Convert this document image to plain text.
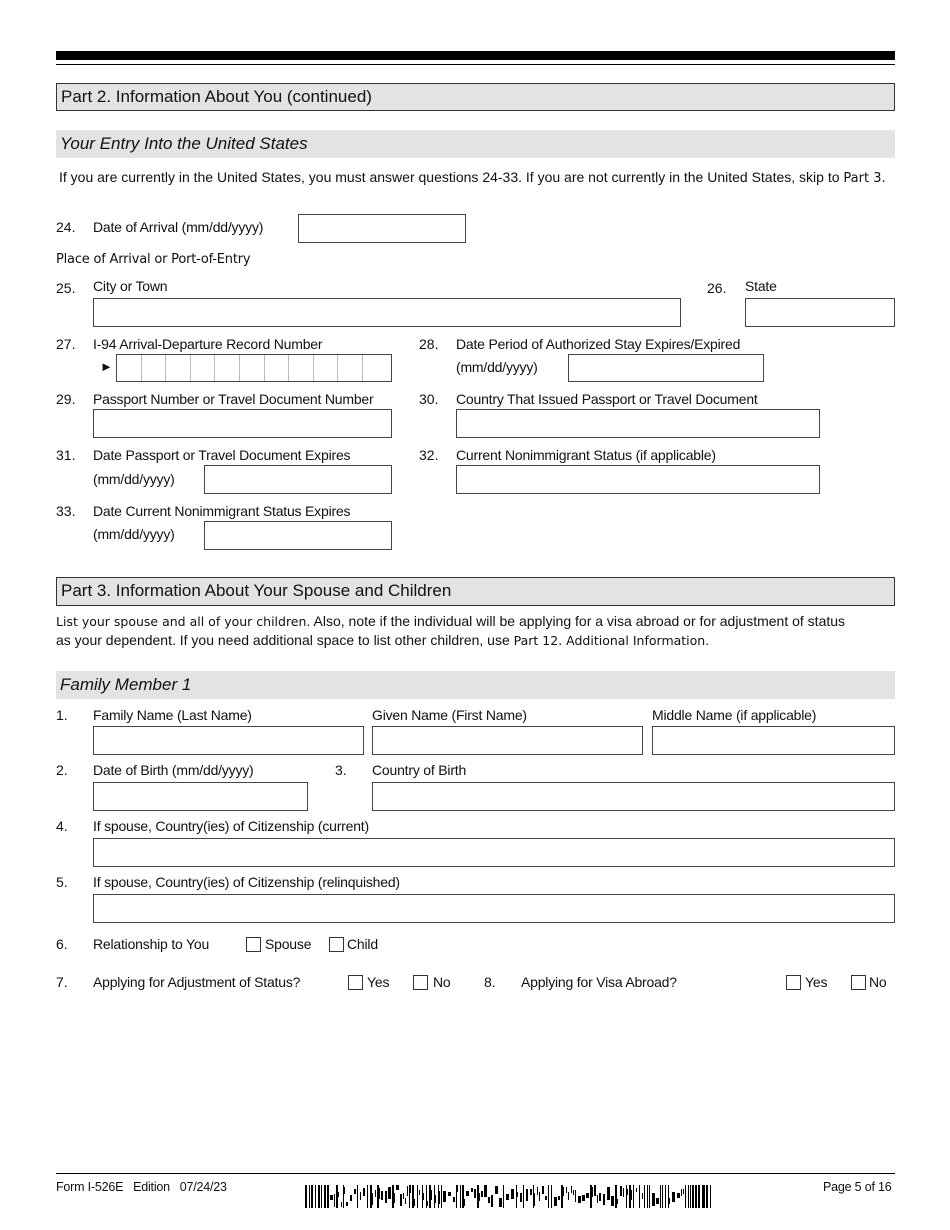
Part 2. Information About You (continued)
Your Entry Into the United States
If you are currently in the United States, you must answer questions 24-33. If you are not currently in the United States, skip to Part 3.
24. Date of Arrival (mm/dd/yyyy)
Place of Arrival or Port-of-Entry
25. City or Town	26. State
27. I-94 Arrival-Departure Record Number
►
28. Date Period of Authorized Stay Expires/Expired
(mm/dd/yyyy)
29. Passport Number or Travel Document Number	30. Country That Issued Passport or Travel Document
31. Date Passport or Travel Document Expires
(mm/dd/yyyy)
32. Current Nonimmigrant Status (if applicable)
33. Date Current Nonimmigrant Status Expires
(mm/dd/yyyy)
Part 3. Information About Your Spouse and Children
List your spouse and all of your children. Also, note if the individual will be applying for a visa abroad or for adjustment of status
as your dependent. If you need additional space to list other children, use Part 12. Additional Information.
Family Member 1
1. Family Name (Last Name)	Given Name (First Name)	Middle Name (if applicable)
2. Date of Birth (mm/dd/yyyy)	3. Country of Birth
4. If spouse, Country(ies) of Citizenship (current)
5. If spouse, Country(ies) of Citizenship (relinquished)
6. Relationship to You	Spouse	Child
7. Applying for Adjustment of Status?	Yes	No 8. Applying for Visa Abroad?	Yes	No
Form I-526E Edition 07/24/23	Page 5 of 16
